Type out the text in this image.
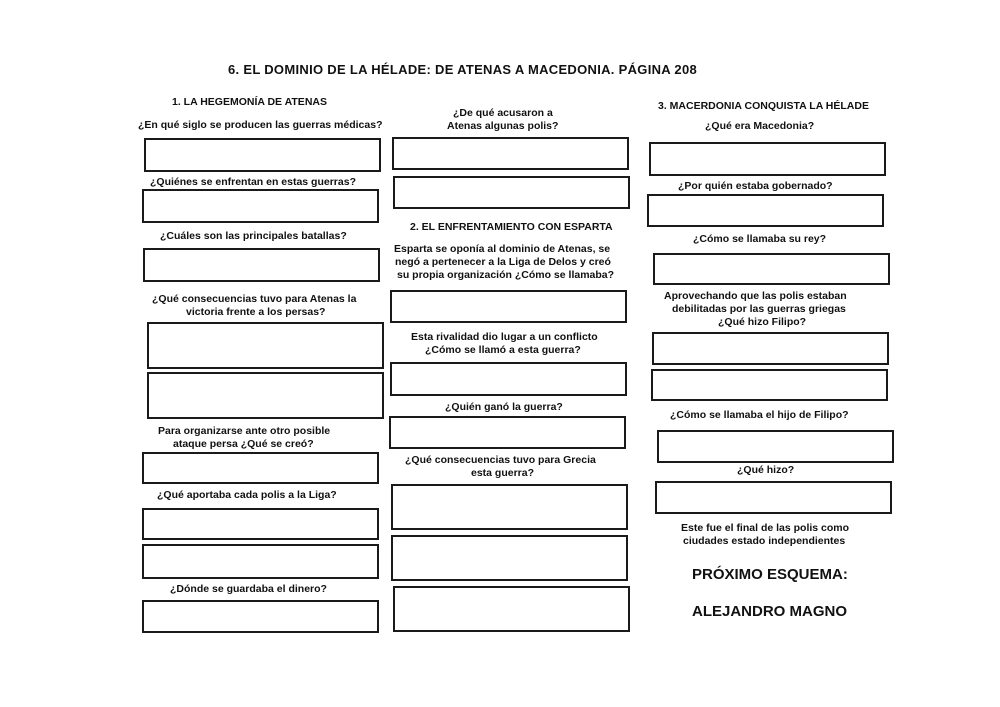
6. EL DOMINIO DE LA HÉLADE: DE ATENAS A MACEDONIA. PÁGINA 208
1. LA HEGEMONÍA DE ATENAS
¿En qué siglo se producen las guerras médicas?
¿Quiénes se enfrentan en estas guerras?
¿Cuáles son las principales batallas?
¿Qué consecuencias tuvo para Atenas la
victoria frente a los persas?
Para organizarse ante otro posible
ataque persa ¿Qué se creó?
¿Qué aportaba cada polis a la Liga?
¿Dónde se guardaba el dinero?
¿De qué acusaron a
Atenas algunas polis?
2. EL ENFRENTAMIENTO CON ESPARTA
Esparta se oponía al dominio de Atenas, se
negó a pertenecer a la Liga de Delos y creó
su propia organización ¿Cómo se llamaba?
Esta rivalidad dio lugar a un conflicto
¿Cómo se llamó a esta guerra?
¿Quién ganó la guerra?
¿Qué consecuencias tuvo para Grecia
esta guerra?
3. MACERDONIA CONQUISTA LA HÉLADE
¿Qué era Macedonia?
¿Por quién estaba gobernado?
¿Cómo se llamaba su rey?
Aprovechando que las polis estaban
debilitadas por las guerras griegas
¿Qué hizo Filipo?
¿Cómo se llamaba el hijo de Filipo?
¿Qué hizo?
Este fue el final de las polis como
ciudades estado independientes
PRÓXIMO ESQUEMA:
ALEJANDRO MAGNO
